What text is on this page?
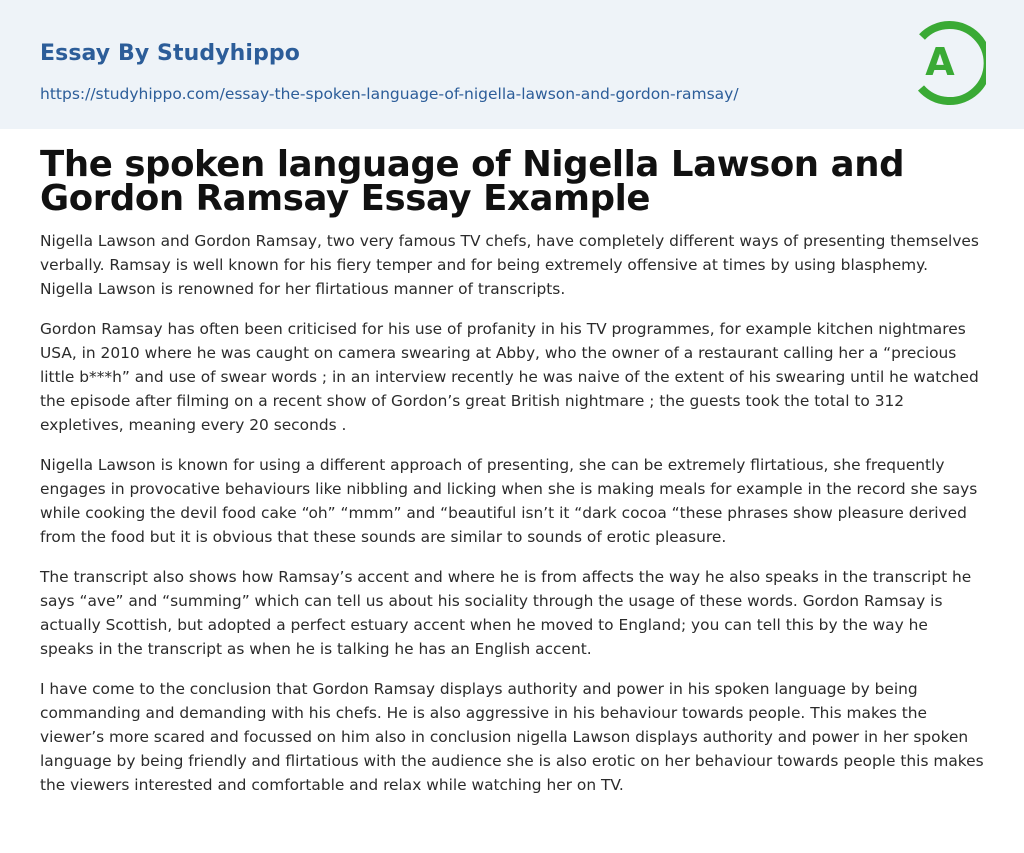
Essay By Studyhippo
https://studyhippo.com/essay-the-spoken-language-of-nigella-lawson-and-gordon-ramsay/
A
The spoken language of Nigella Lawson and Gordon Ramsay Essay Example

Nigella Lawson and Gordon Ramsay, two very famous TV chefs, have completely different ways of presenting themselves verbally. Ramsay is well known for his fiery temper and for being extremely offensive at times by using blasphemy. Nigella Lawson is renowned for her flirtatious manner of transcripts.

Gordon Ramsay has often been criticised for his use of profanity in his TV programmes, for example kitchen nightmares USA, in 2010 where he was caught on camera swearing at Abby, who the owner of a restaurant calling her a “precious little b***h” and use of swear words ; in an interview recently he was naive of the extent of his swearing until he watched the episode after filming on a recent show of Gordon’s great British nightmare ; the guests took the total to 312 expletives, meaning every 20 seconds .

Nigella Lawson is known for using a different approach of presenting, she can be extremely flirtatious, she frequently engages in provocative behaviours like nibbling and licking when she is making meals for example in the record she says while cooking the devil food cake “oh” “mmm” and “beautiful isn’t it “dark cocoa “these phrases show pleasure derived from the food but it is obvious that these sounds are similar to sounds of erotic pleasure.

The transcript also shows how Ramsay’s accent and where he is from affects the way he also speaks in the transcript he says “ave” and “summing” which can tell us about his sociality through the usage of these words. Gordon Ramsay is actually Scottish, but adopted a perfect estuary accent when he moved to England; you can tell this by the way he speaks in the transcript as when he is talking he has an English accent.

I have come to the conclusion that Gordon Ramsay displays authority and power in his spoken language by being commanding and demanding with his chefs. He is also aggressive in his behaviour towards people. This makes the viewer’s more scared and focussed on him also in conclusion nigella Lawson displays authority and power in her spoken language by being friendly and flirtatious with the audience she is also erotic on her behaviour towards people this makes the viewers interested and comfortable and relax while watching her on TV.
